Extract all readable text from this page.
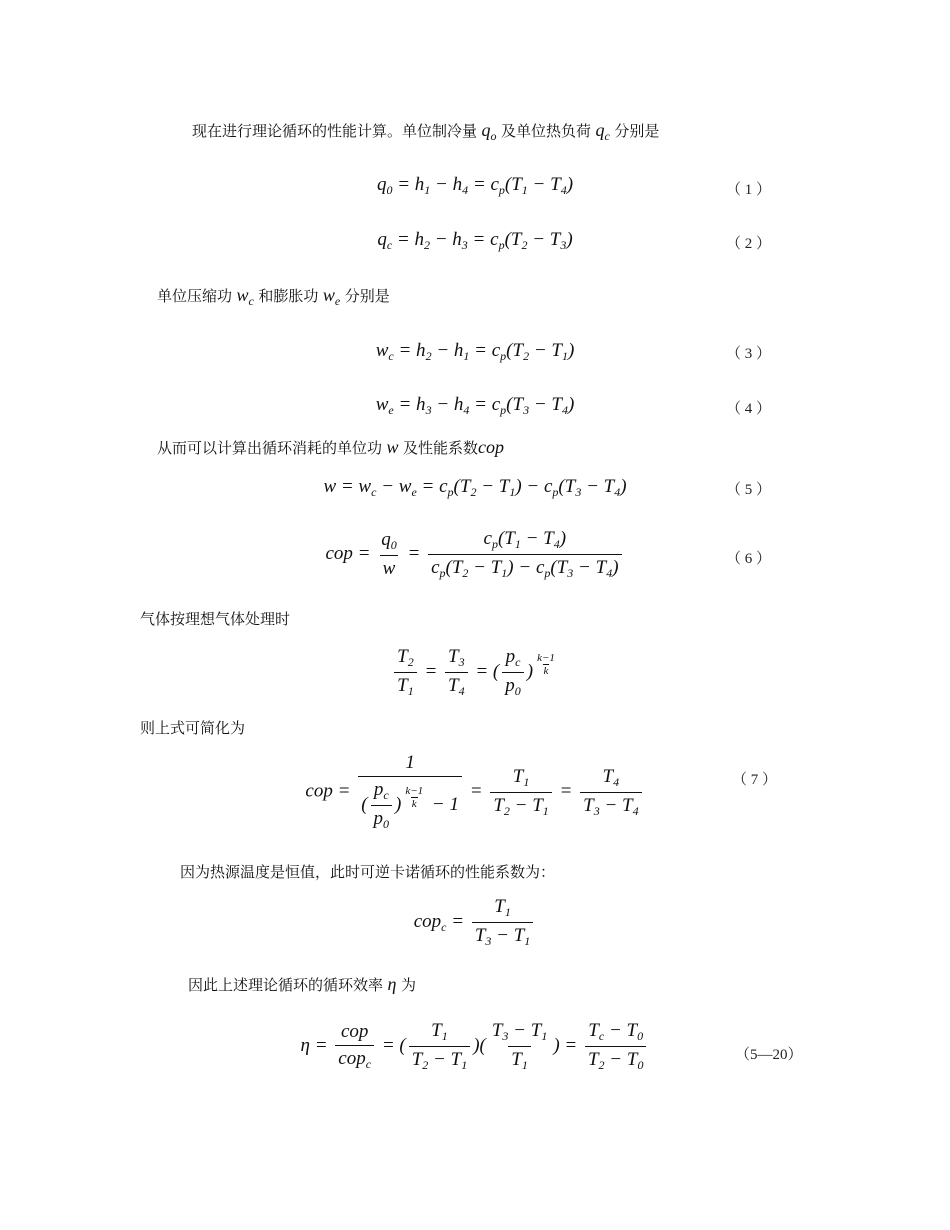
现在进行理论循环的性能计算。单位制冷量 $q_o$ 及单位热负荷 $q_c$ 分别是
$q_0 = h_1 - h_4 = c_p(T_1 - T_4)$	（ 1 ）
$q_c = h_2 - h_3 = c_p(T_2 - T_3)$	（ 2 ）
单位压缩功 $w_c$ 和膨胀功 $w_e$ 分别是
$w_c = h_2 - h_1 = c_p(T_2 - T_1)$	（ 3 ）
$w_e = h_3 - h_4 = c_p(T_3 - T_4)$	（ 4 ）
从而可以计算出循环消耗的单位功 w 及性能系数cop
$w = w_c - w_e = c_p(T_2 - T_1) - c_p(T_3 - T_4)$	（ 5 ）
cop = $\frac{q_0}{w} = \frac{c_p(T_1 - T_4)}{c_p(T_2 - T_1) - c_p(T_3 - T_4)}$	（ 6 ）
气体按理想气体处理时
$\frac{T_2}{T_1} = \frac{T_3}{T_4}$ = ( $\frac{p_c}{p_0}$ ) $^{\frac{k-1}{k}}$
则上式可简化为
cop = 1
( $\frac{p_c}{p_0}$ ) $^{\frac{k-1}{k}} - 1 = \frac{T_1}{T_2 - T_1} = \frac{T_4}{T_3 - T_4}$	（ 7 ）
因为热源温度是恒值，此时可逆卡诺循环的性能系数为：
$cop_c = \frac{T_1}{T_3 - T_1}$
因此上述理论循环的循环效率 η 为
$\eta = \frac{\text{cop}}{cop_c}$ = ( $\frac{T_1}{T_2 - T_1}$ )( $\frac{T_3 - T_1}{T_1}$ ) = $\frac{T_c - T_0}{T_2 - T_0}$	（5—20）
